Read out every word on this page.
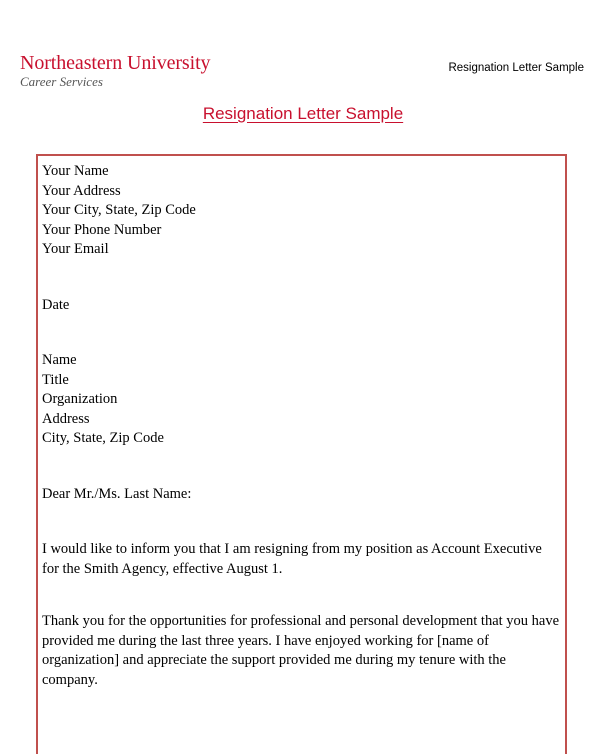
Northeastern University
Career Services
Resignation Letter Sample
Resignation Letter Sample
Your Name
Your Address
Your City, State, Zip Code
Your Phone Number
Your Email
Date
Name
Title
Organization
Address
City, State, Zip Code
Dear Mr./Ms. Last Name:
I would like to inform you that I am resigning from my position as Account Executive for the Smith Agency, effective August 1.
Thank you for the opportunities for professional and personal development that you have provided me during the last three years. I have enjoyed working for [name of organization] and appreciate the support provided me during my tenure with the company.
